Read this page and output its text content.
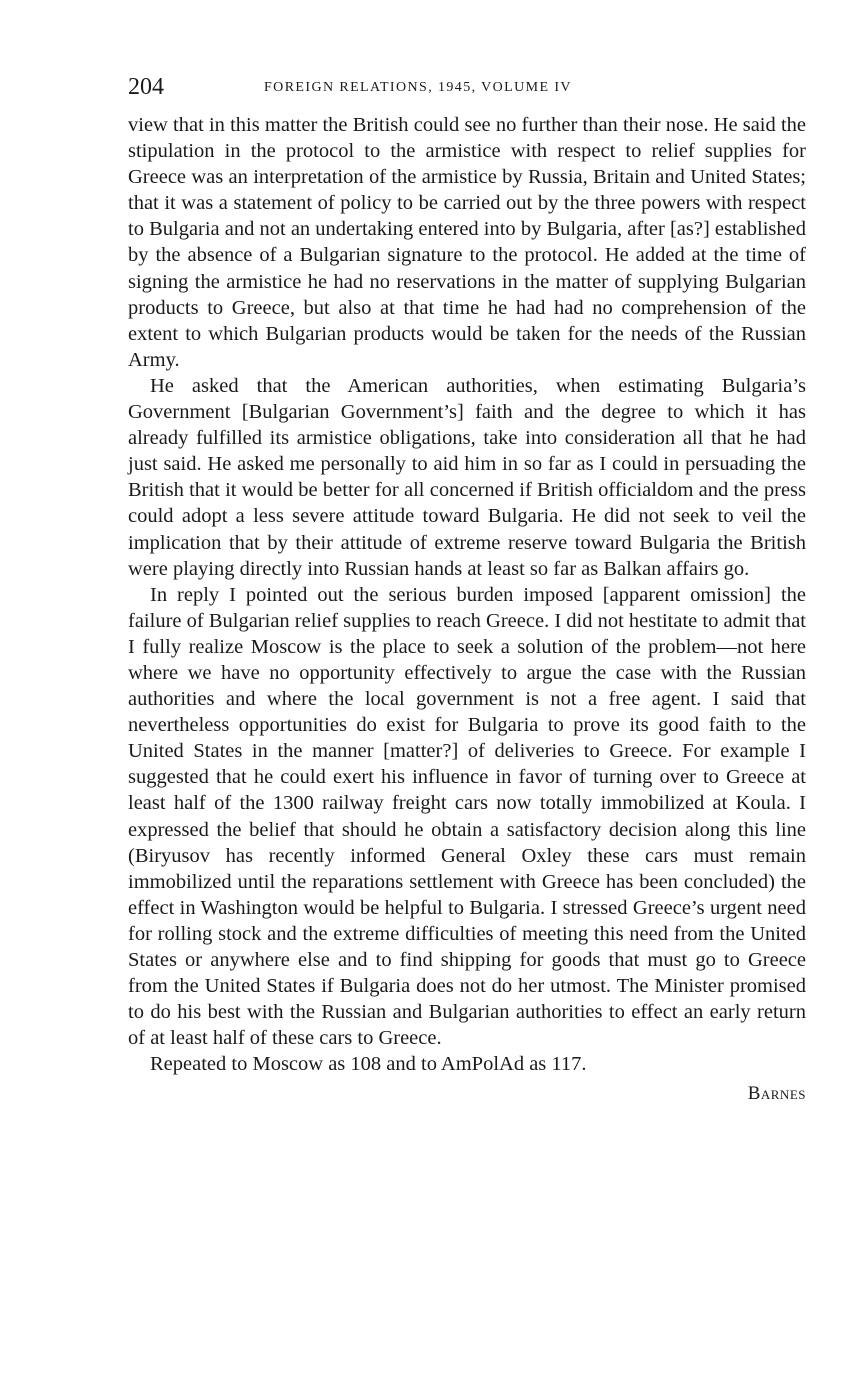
204	FOREIGN RELATIONS, 1945, VOLUME IV

view that in this matter the British could see no further than their nose. He said the stipulation in the protocol to the armistice with respect to relief supplies for Greece was an interpretation of the armistice by Russia, Britain and United States; that it was a statement of policy to be carried out by the three powers with respect to Bulgaria and not an undertaking entered into by Bulgaria, after [as?] established by the absence of a Bulgarian signature to the protocol. He added at the time of signing the armistice he had no reservations in the matter of supplying Bulgarian products to Greece, but also at that time he had had no comprehension of the extent to which Bulgarian products would be taken for the needs of the Russian Army.

He asked that the American authorities, when estimating Bulgaria’s Government [Bulgarian Government’s] faith and the degree to which it has already fulfilled its armistice obligations, take into consideration all that he had just said. He asked me personally to aid him in so far as I could in persuading the British that it would be better for all concerned if British officialdom and the press could adopt a less severe attitude toward Bulgaria. He did not seek to veil the implication that by their attitude of extreme reserve toward Bulgaria the British were playing directly into Russian hands at least so far as Balkan affairs go.

In reply I pointed out the serious burden imposed [apparent omission] the failure of Bulgarian relief supplies to reach Greece. I did not hestitate to admit that I fully realize Moscow is the place to seek a solution of the problem—not here where we have no opportunity effectively to argue the case with the Russian authorities and where the local government is not a free agent. I said that nevertheless opportunities do exist for Bulgaria to prove its good faith to the United States in the manner [matter?] of deliveries to Greece. For example I suggested that he could exert his influence in favor of turning over to Greece at least half of the 1300 railway freight cars now totally immobilized at Koula. I expressed the belief that should he obtain a satisfactory decision along this line (Biryusov has recently informed General Oxley these cars must remain immobilized until the reparations settlement with Greece has been concluded) the effect in Washington would be helpful to Bulgaria. I stressed Greece’s urgent need for rolling stock and the extreme difficulties of meeting this need from the United States or anywhere else and to find shipping for goods that must go to Greece from the United States if Bulgaria does not do her utmost. The Minister promised to do his best with the Russian and Bulgarian authorities to effect an early return of at least half of these cars to Greece.

Repeated to Moscow as 108 and to AmPolAd as 117.

Barnes
